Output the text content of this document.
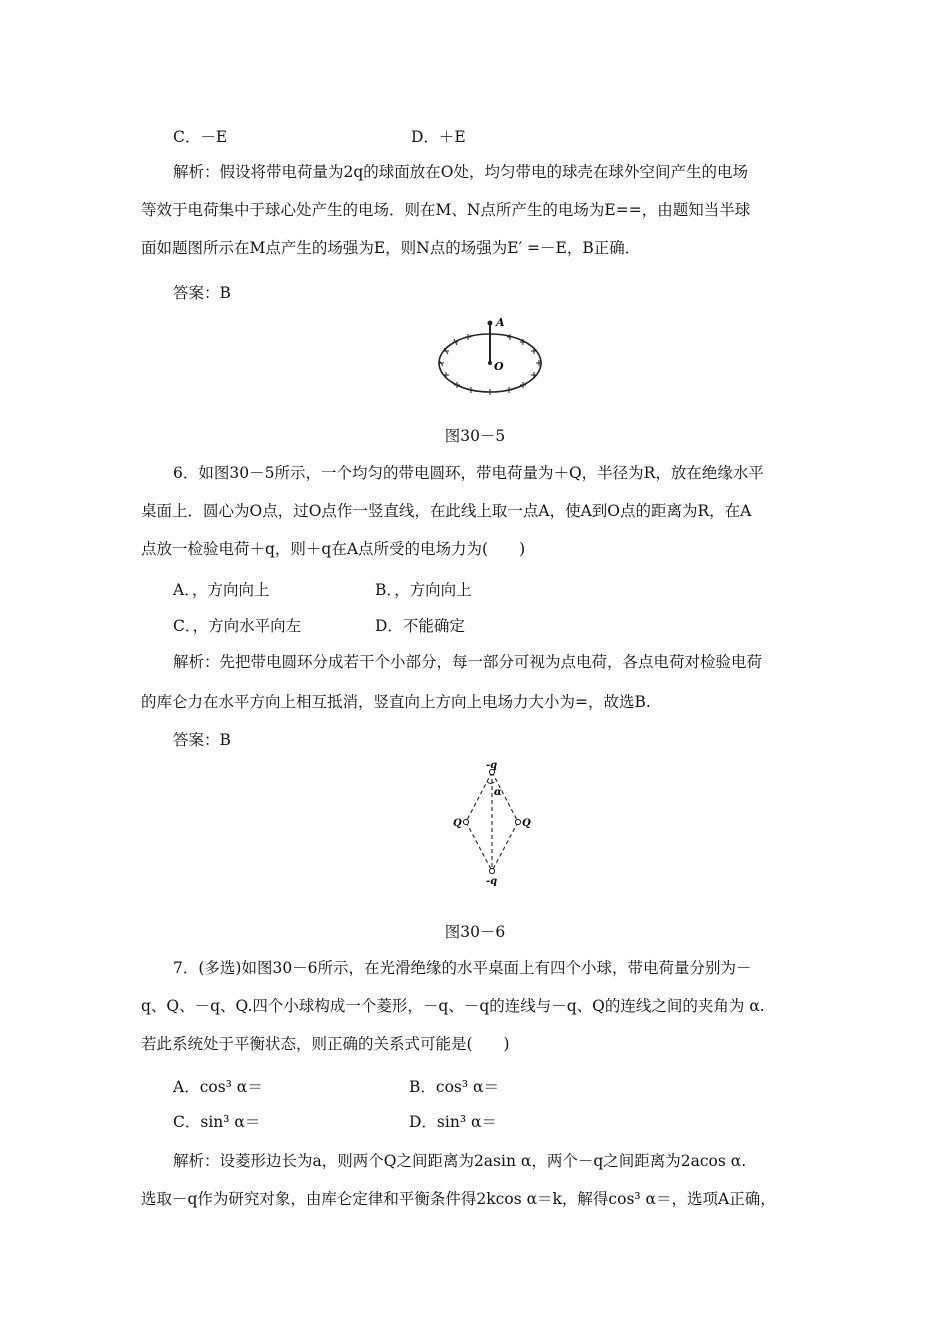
C．－E	D．＋E
解析：假设将带电荷量为2q的球面放在O处，均匀带电的球壳在球外空间产生的电场
等效于电荷集中于球心处产生的电场．则在M、N点所产生的电场为E==，由题知当半球
面如题图所示在M点产生的场强为E，则N点的场强为E′ =－E，B正确．
答案：B
A
O
图30－5
6．如图30－5所示，一个均匀的带电圆环，带电荷量为＋Q，半径为R，放在绝缘水平
桌面上．圆心为O点，过O点作一竖直线，在此线上取一点A，使A到O点的距离为R，在A
点放一检验电荷＋q，则＋q在A点所受的电场力为(　　)
A．，方向向上	B．，方向向上
C．，方向水平向左	D．不能确定
解析：先把带电圆环分成若干个小部分，每一部分可视为点电荷，各点电荷对检验电荷
的库仑力在水平方向上相互抵消，竖直向上方向上电场力大小为=，故选B.
答案：B
-q
α
Q	Q
-q
图30－6
7．(多选)如图30－6所示，在光滑绝缘的水平桌面上有四个小球，带电荷量分别为－
q、Q、－q、Q.四个小球构成一个菱形，－q、－q的连线与－q、Q的连线之间的夹角为 α.
若此系统处于平衡状态，则正确的关系式可能是(　　)
A．cos³ α＝	B．cos³ α＝
C．sin³ α＝	D．sin³ α＝
解析：设菱形边长为a，则两个Q之间距离为2asin α，两个－q之间距离为2acos α.
选取－q作为研究对象，由库仑定律和平衡条件得2kcos α＝k，解得cos³ α＝，选项A正确，
